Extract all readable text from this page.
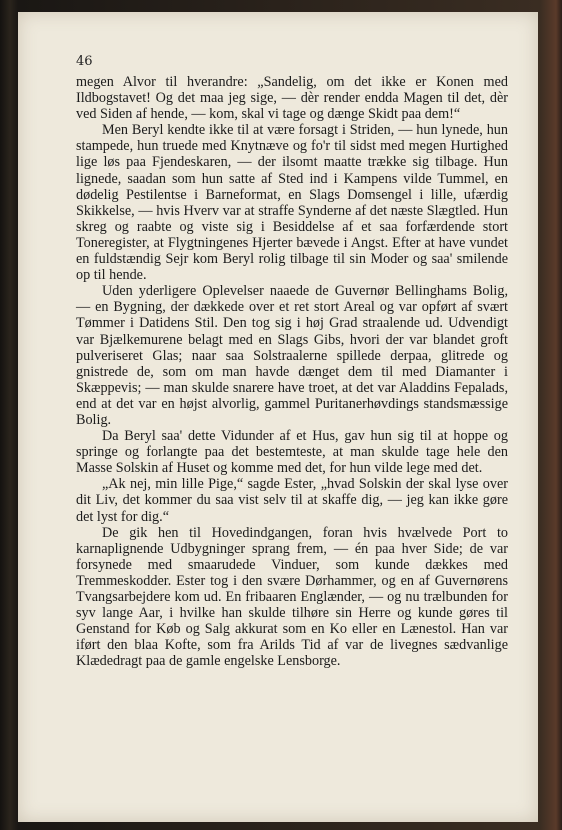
46

megen Alvor til hverandre: „Sandelig, om det ikke er Konen med Ildbogstavet! Og det maa jeg sige, — dèr render endda Magen til det, dèr ved Siden af hende, — kom, skal vi tage og dænge Skidt paa dem!“

Men Beryl kendte ikke til at være forsagt i Striden, — hun lynede, hun stampede, hun truede med Knytnæve og fo'r til sidst med megen Hurtighed lige løs paa Fjendeskaren, — der ilsomt maatte trække sig tilbage. Hun lignede, saadan som hun satte af Sted ind i Kampens vilde Tummel, en dødelig Pestilentse i Barneformat, en Slags Domsengel i lille, ufærdig Skikkelse, — hvis Hverv var at straffe Synderne af det næste Slægtled. Hun skreg og raabte og viste sig i Besiddelse af et saa forfærdende stort Toneregister, at Flygtningenes Hjerter bævede i Angst. Efter at have vundet en fuldstændig Sejr kom Beryl rolig tilbage til sin Moder og saa' smilende op til hende.

Uden yderligere Oplevelser naaede de Guvernør Bellinghams Bolig, — en Bygning, der dækkede over et ret stort Areal og var opført af svært Tømmer i Datidens Stil. Den tog sig i høj Grad straalende ud. Udvendigt var Bjælkemurene belagt med en Slags Gibs, hvori der var blandet groft pulveriseret Glas; naar saa Solstraalerne spillede derpaa, glitrede og gnistrede de, som om man havde dænget dem til med Diamanter i Skæppevis; — man skulde snarere have troet, at det var Aladdins Fepalads, end at det var en højst alvorlig, gammel Puritanerhøvdings standsmæssige Bolig.

Da Beryl saa' dette Vidunder af et Hus, gav hun sig til at hoppe og springe og forlangte paa det bestemteste, at man skulde tage hele den Masse Solskin af Huset og komme med det, for hun vilde lege med det.

„Ak nej, min lille Pige,“ sagde Ester, „hvad Solskin der skal lyse over dit Liv, det kommer du saa vist selv til at skaffe dig, — jeg kan ikke gøre det lyst for dig.“

De gik hen til Hovedindgangen, foran hvis hvælvede Port to karnaplignende Udbygninger sprang frem, — én paa hver Side; de var forsynede med smaarudede Vinduer, som kunde dækkes med Tremmeskodder. Ester tog i den svære Dørhammer, og en af Guvernørens Tvangsarbejdere kom ud. En fribaaren Englænder, — og nu trælbunden for syv lange Aar, i hvilke han skulde tilhøre sin Herre og kunde gøres til Genstand for Køb og Salg akkurat som en Ko eller en Lænestol. Han var iført den blaa Kofte, som fra Arilds Tid af var de livegnes sædvanlige Klædedragt paa de gamle engelske Lensborge.
